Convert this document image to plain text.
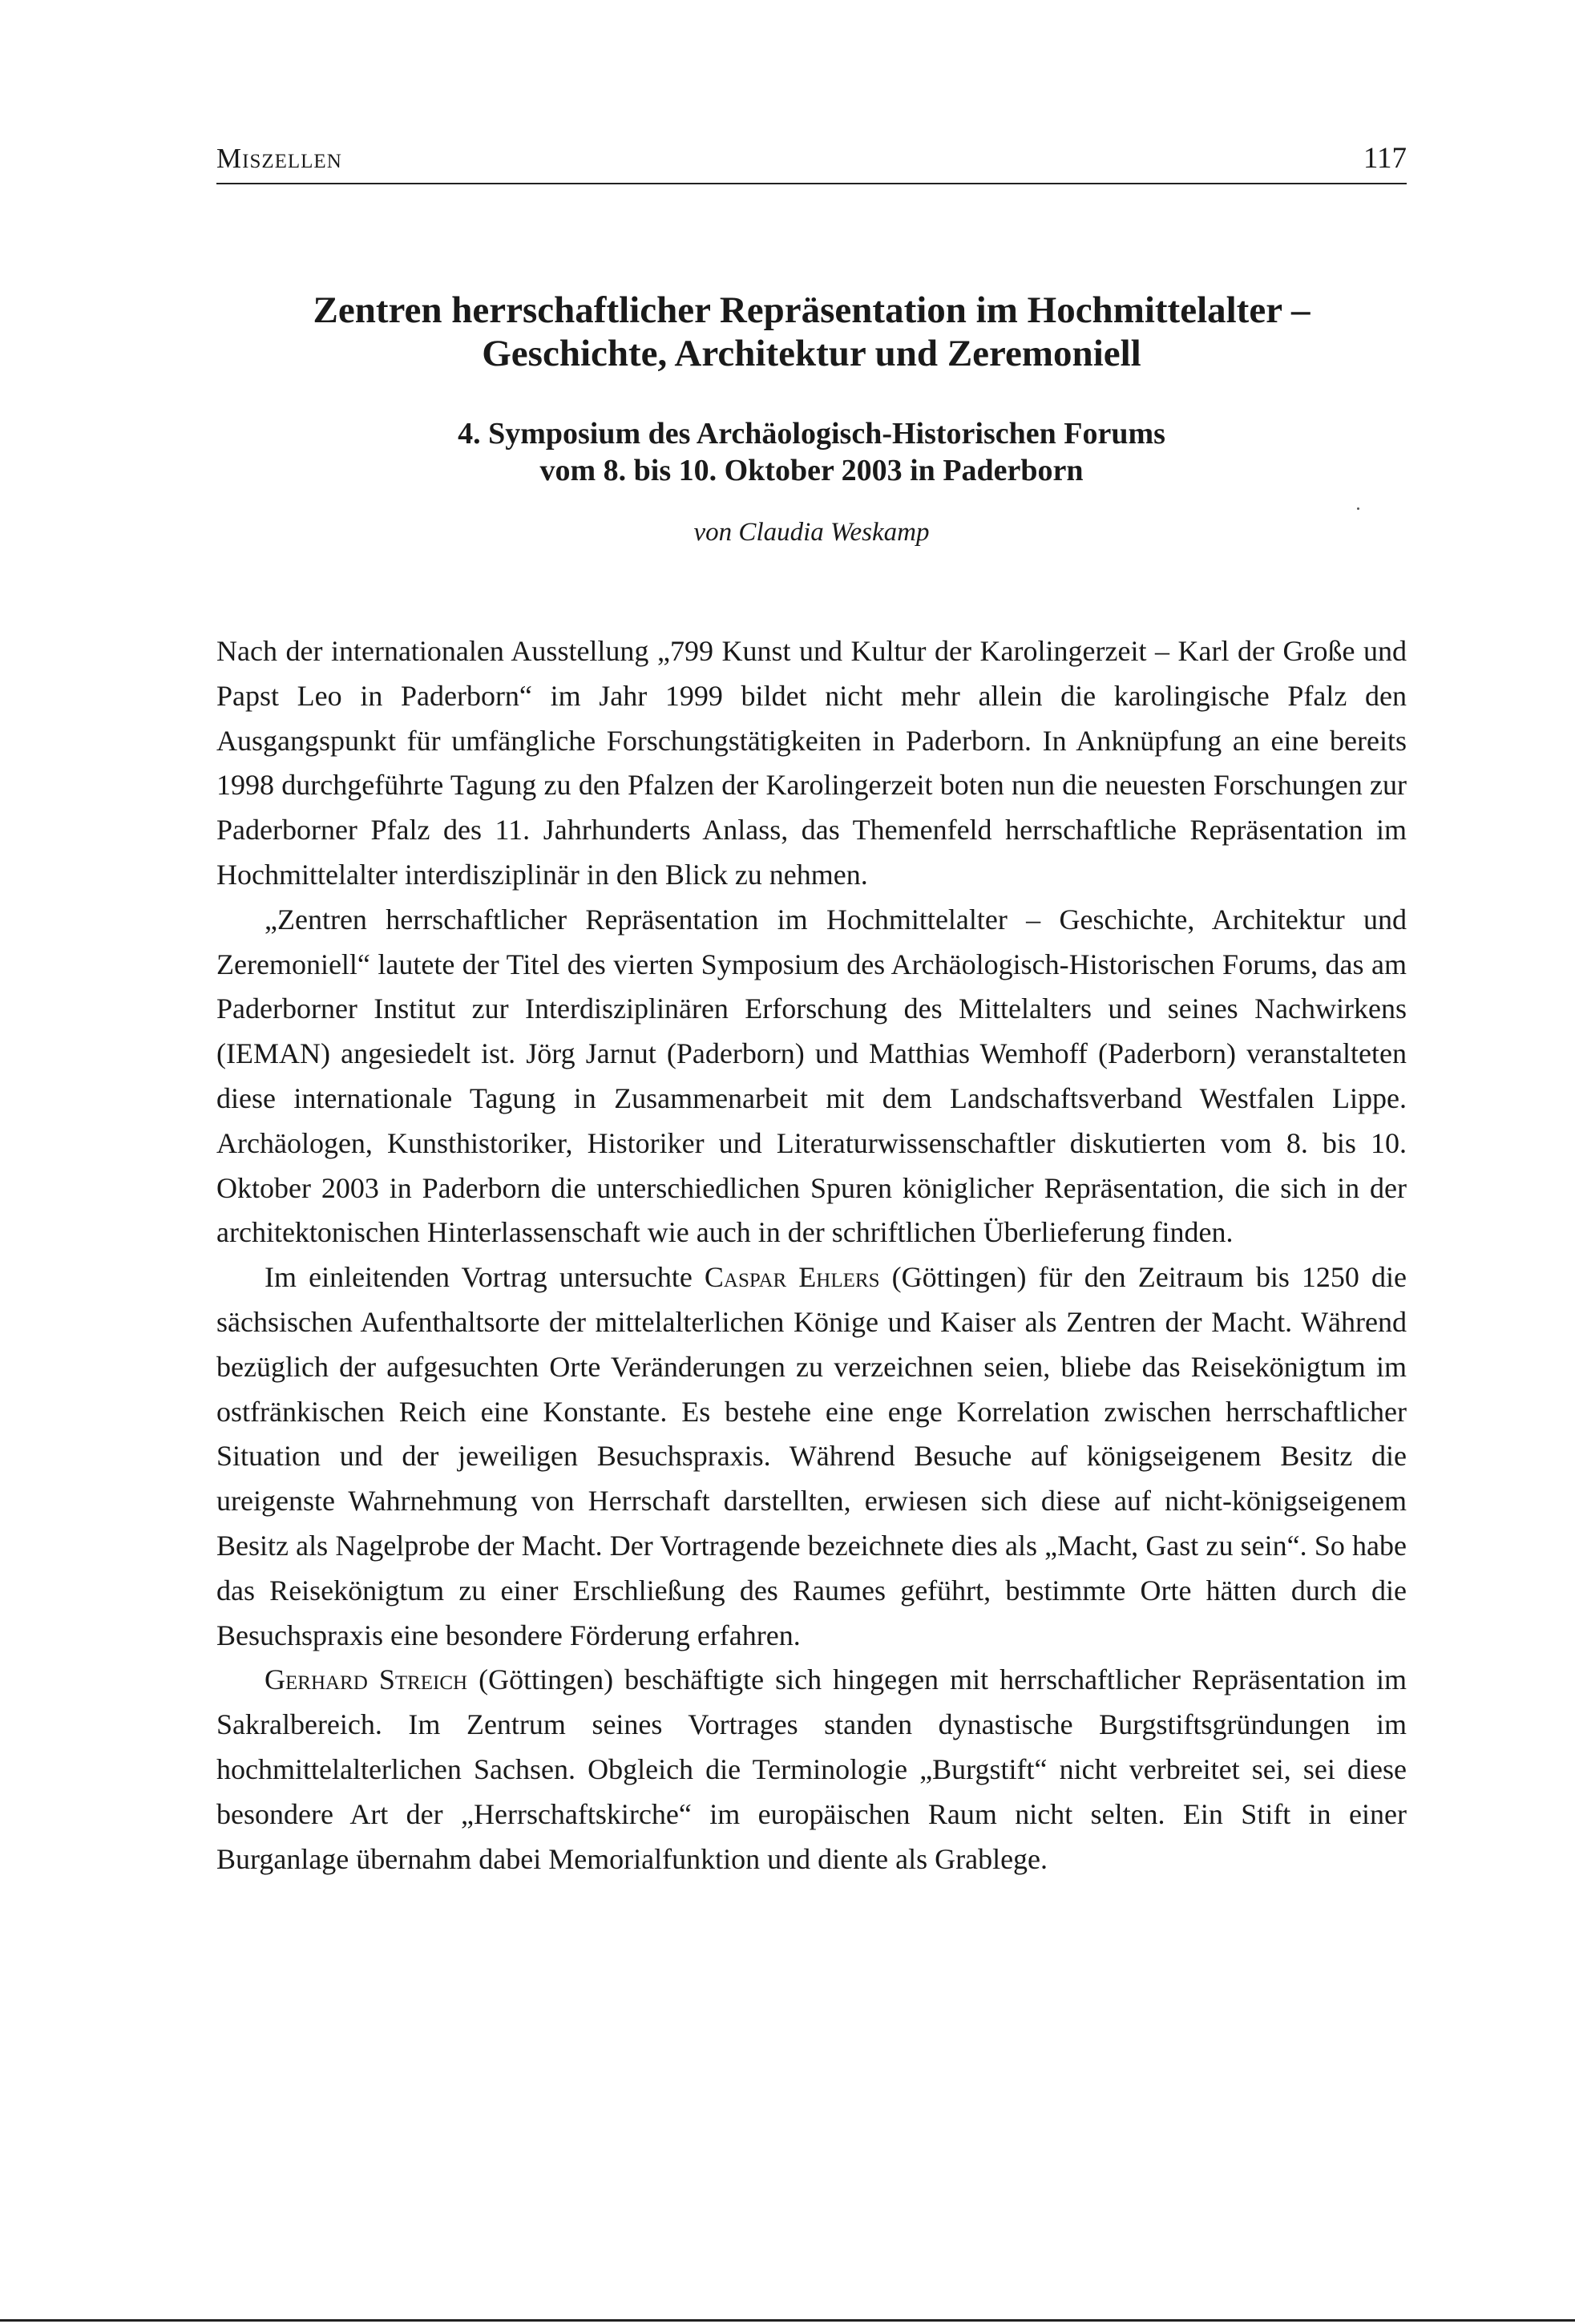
Miszellen	117
Zentren herrschaftlicher Repräsentation im Hochmittelalter –
Geschichte, Architektur und Zeremoniell
4. Symposium des Archäologisch-Historischen Forums
vom 8. bis 10. Oktober 2003 in Paderborn
von Claudia Weskamp

Nach der internationalen Ausstellung „799 Kunst und Kultur der Karolingerzeit – Karl der Große und Papst Leo in Paderborn“ im Jahr 1999 bildet nicht mehr allein die karolingische Pfalz den Ausgangspunkt für umfängliche Forschungstätigkeiten in Paderborn. In Anknüpfung an eine bereits 1998 durchgeführte Tagung zu den Pfalzen der Karolingerzeit boten nun die neuesten Forschungen zur Paderborner Pfalz des 11. Jahrhunderts Anlass, das Themenfeld herrschaftliche Repräsentation im Hochmittelalter interdisziplinär in den Blick zu nehmen.

„Zentren herrschaftlicher Repräsentation im Hochmittelalter – Geschichte, Architektur und Zeremoniell“ lautete der Titel des vierten Symposium des Archäologisch-Historischen Forums, das am Paderborner Institut zur Interdisziplinären Erforschung des Mittelalters und seines Nachwirkens (IEMAN) angesiedelt ist. Jörg Jarnut (Paderborn) und Matthias Wemhoff (Paderborn) veranstalteten diese internationale Tagung in Zusammenarbeit mit dem Landschaftsverband Westfalen Lippe. Archäologen, Kunsthistoriker, Historiker und Literaturwissenschaftler diskutierten vom 8. bis 10. Oktober 2003 in Paderborn die unterschiedlichen Spuren königlicher Repräsentation, die sich in der architektonischen Hinterlassenschaft wie auch in der schriftlichen Überlieferung finden.

Im einleitenden Vortrag untersuchte Caspar Ehlers (Göttingen) für den Zeitraum bis 1250 die sächsischen Aufenthaltsorte der mittelalterlichen Könige und Kaiser als Zentren der Macht. Während bezüglich der aufgesuchten Orte Veränderungen zu verzeichnen seien, bliebe das Reisekönigtum im ostfränkischen Reich eine Konstante. Es bestehe eine enge Korrelation zwischen herrschaftlicher Situation und der jeweiligen Besuchspraxis. Während Besuche auf königseigenem Besitz die ureigenste Wahrnehmung von Herrschaft darstellten, erwiesen sich diese auf nicht-königseigenem Besitz als Nagelprobe der Macht. Der Vortragende bezeichnete dies als „Macht, Gast zu sein“. So habe das Reisekönigtum zu einer Erschließung des Raumes geführt, bestimmte Orte hätten durch die Besuchspraxis eine besondere Förderung erfahren.

Gerhard Streich (Göttingen) beschäftigte sich hingegen mit herrschaftlicher Repräsentation im Sakralbereich. Im Zentrum seines Vortrages standen dynastische Burgstiftsgründungen im hochmittelalterlichen Sachsen. Obgleich die Terminologie „Burgstift“ nicht verbreitet sei, sei diese besondere Art der „Herrschaftskirche“ im europäischen Raum nicht selten. Ein Stift in einer Burganlage übernahm dabei Memorialfunktion und diente als Grablege.
